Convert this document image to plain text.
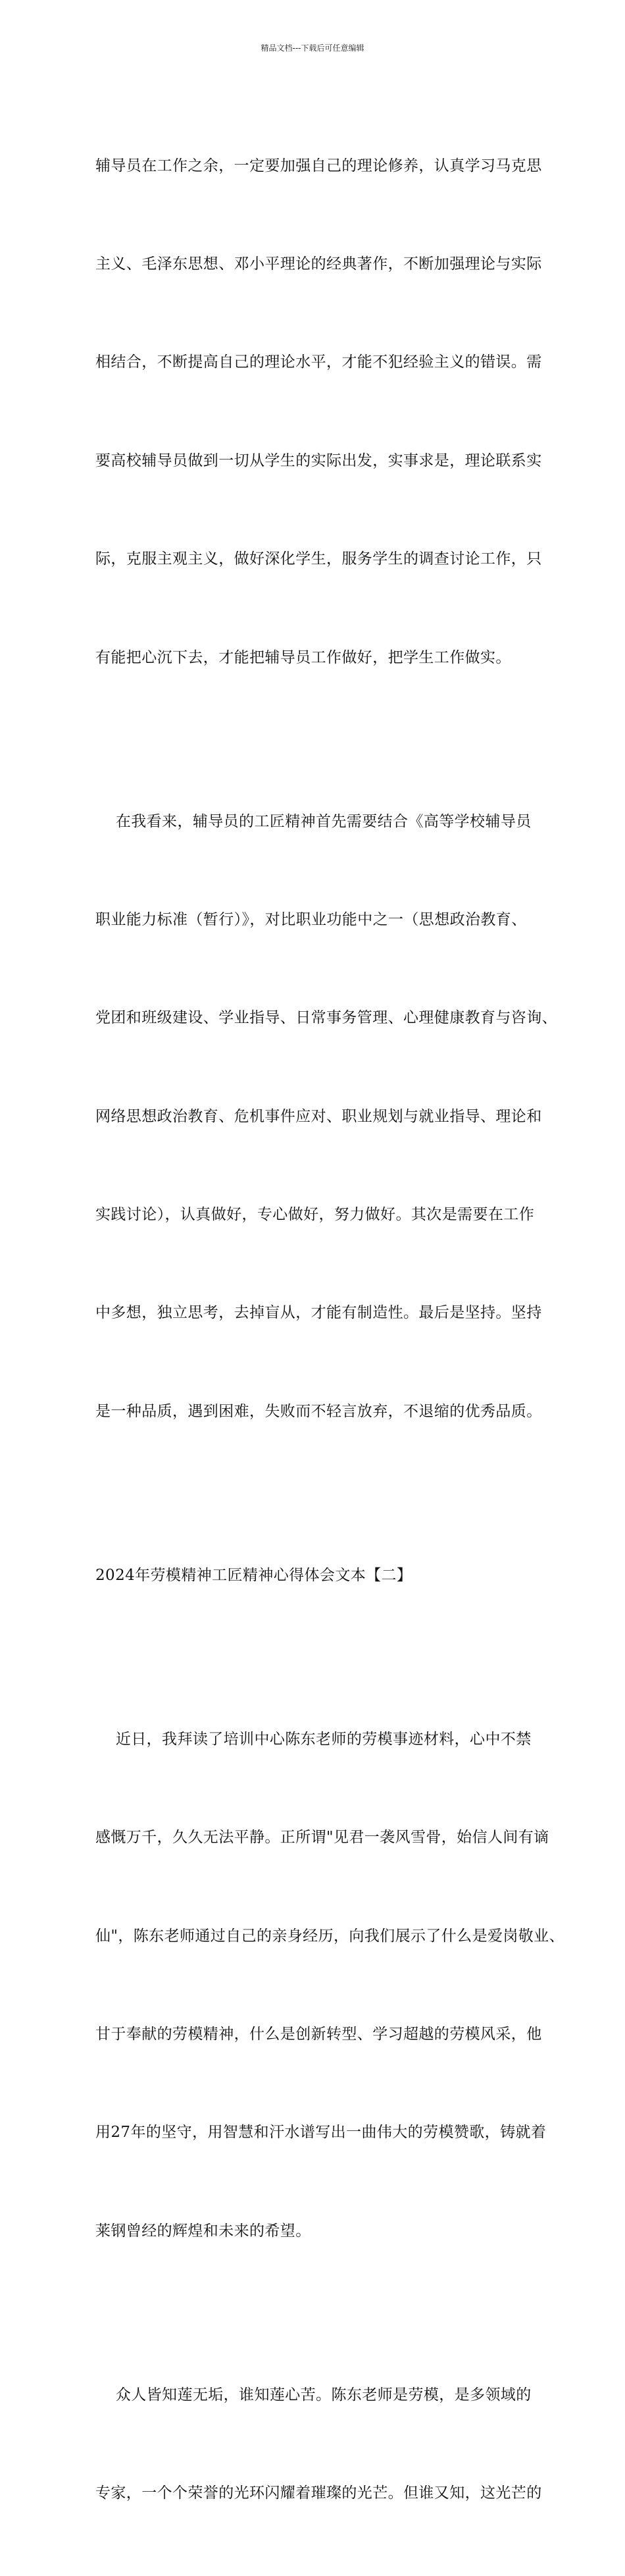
精品文档---下载后可任意编辑

辅导员在工作之余，一定要加强自己的理论修养，认真学习马克思

主义、毛泽东思想、邓小平理论的经典著作，不断加强理论与实际

相结合，不断提高自己的理论水平，才能不犯经验主义的错误。需

要高校辅导员做到一切从学生的实际出发，实事求是，理论联系实

际，克服主观主义，做好深化学生，服务学生的调查讨论工作，只

有能把心沉下去，才能把辅导员工作做好，把学生工作做实。

在我看来，辅导员的工匠精神首先需要结合《高等学校辅导员

职业能力标准（暂行）》，对比职业功能中之一（思想政治教育、

党团和班级建设、学业指导、日常事务管理、心理健康教育与咨询、

网络思想政治教育、危机事件应对、职业规划与就业指导、理论和

实践讨论），认真做好，专心做好，努力做好。其次是需要在工作

中多想，独立思考，去掉盲从，才能有制造性。最后是坚持。坚持

是一种品质，遇到困难，失败而不轻言放弃，不退缩的优秀品质。

2024年劳模精神工匠精神心得体会文本【二】

近日，我拜读了培训中心陈东老师的劳模事迹材料，心中不禁

感慨万千，久久无法平静。正所谓"见君一袭风雪骨，始信人间有谪

仙"，陈东老师通过自己的亲身经历，向我们展示了什么是爱岗敬业、

甘于奉献的劳模精神，什么是创新转型、学习超越的劳模风采，他

用27年的坚守，用智慧和汗水谱写出一曲伟大的劳模赞歌，铸就着

莱钢曾经的辉煌和未来的希望。

众人皆知莲无垢，谁知莲心苦。陈东老师是劳模，是多领域的

专家，一个个荣誉的光环闪耀着璀璨的光芒。但谁又知，这光芒的
